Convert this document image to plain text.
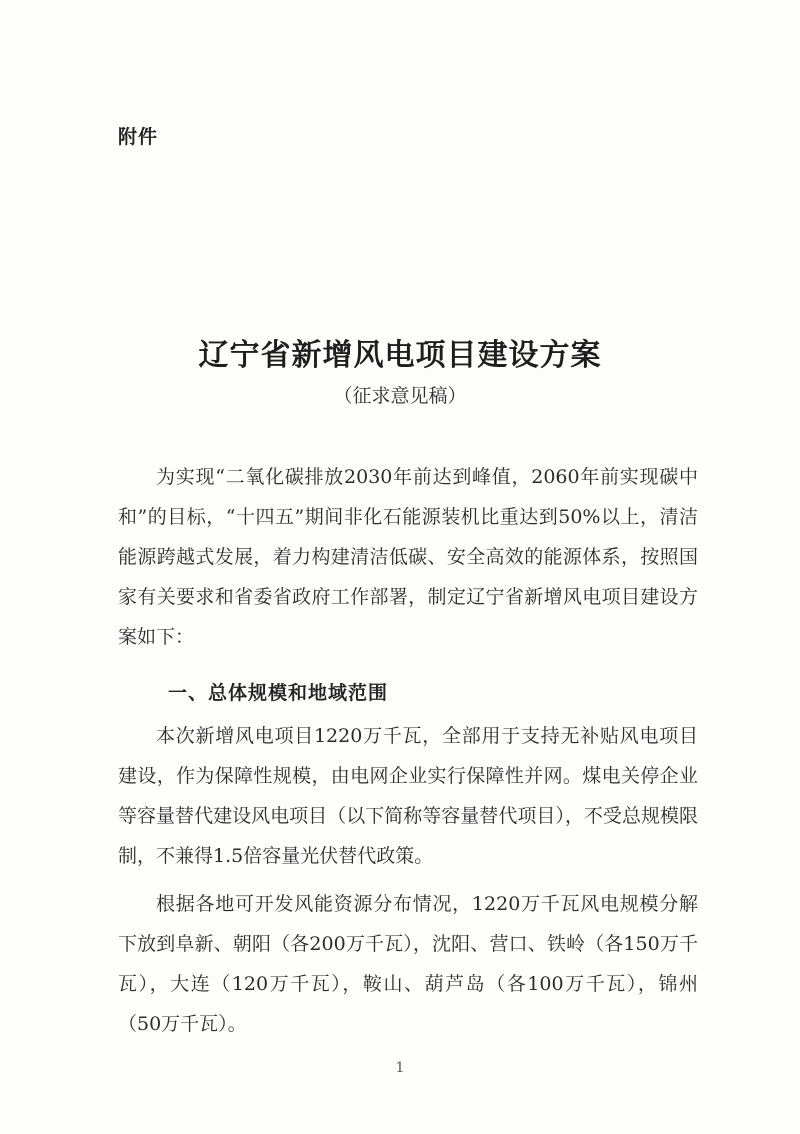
附件
辽宁省新增风电项目建设方案
（征求意见稿）

为实现“二氧化碳排放2030年前达到峰值，2060年前实现碳中和”的目标，“十四五”期间非化石能源装机比重达到50%以上，清洁能源跨越式发展，着力构建清洁低碳、安全高效的能源体系，按照国家有关要求和省委省政府工作部署，制定辽宁省新增风电项目建设方案如下：

一、总体规模和地域范围

本次新增风电项目1220万千瓦，全部用于支持无补贴风电项目建设，作为保障性规模，由电网企业实行保障性并网。煤电关停企业等容量替代建设风电项目（以下简称等容量替代项目），不受总规模限制，不兼得1.5倍容量光伏替代政策。

根据各地可开发风能资源分布情况，1220万千瓦风电规模分解下放到阜新、朝阳（各200万千瓦），沈阳、营口、铁岭（各150万千瓦），大连（120万千瓦），鞍山、葫芦岛（各100万千瓦），锦州（50万千瓦）。

1
